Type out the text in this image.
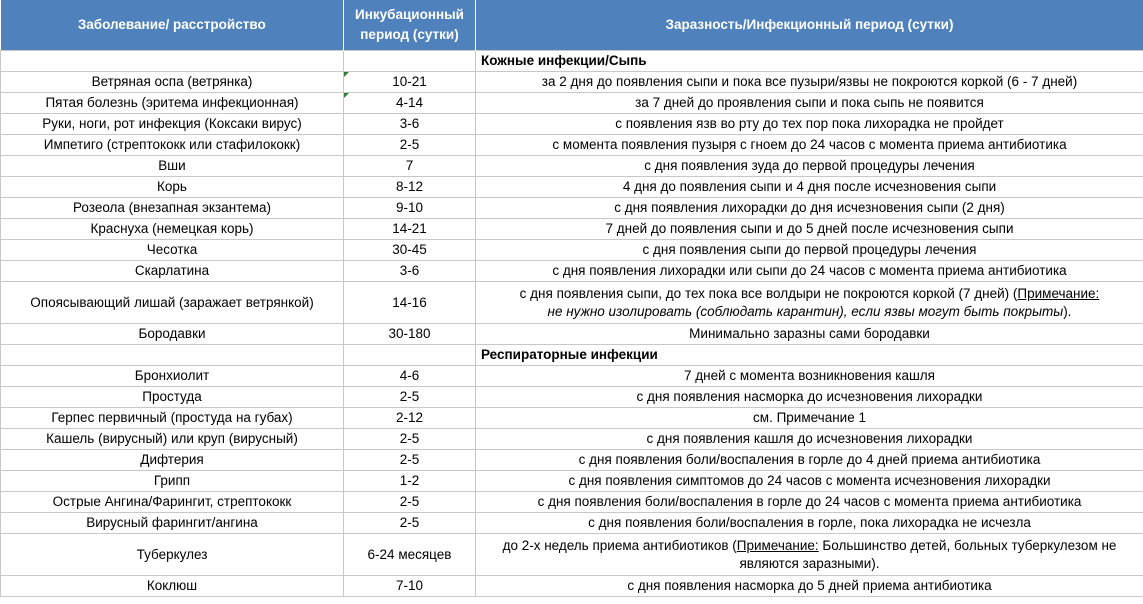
Заболевание/ расстройство	Инкубационный период (сутки)	Заразность/Инфекционный период (сутки)
		Кожные инфекции/Сыпь
Ветряная оспа (ветрянка)	10-21	за 2 дня до появления сыпи и пока все пузыри/язвы не покроются коркой (6 - 7 дней)
Пятая болезнь (эритема инфекционная)	4-14	за 7 дней до проявления сыпи и пока сыпь не появится
Руки, ноги, рот инфекция (Коксаки вирус)	3-6	с появления язв во рту до тех пор пока лихорадка не пройдет
Импетиго (стрептококк или стафилококк)	2-5	с момента появления пузыря с гноем до 24 часов с момента приема антибиотика
Вши	7	с дня появления зуда до первой процедуры лечения
Корь	8-12	4 дня до появления сыпи и 4 дня после исчезновения сыпи
Розеола (внезапная экзантема)	9-10	с дня появления лихорадки до дня исчезновения сыпи (2 дня)
Краснуха (немецкая корь)	14-21	7 дней до появления сыпи и до 5 дней после исчезновения сыпи
Чесотка	30-45	с дня появления сыпи до первой процедуры лечения
Скарлатина	3-6	с дня появления лихорадки или сыпи до 24 часов с момента приема антибиотика
Опоясывающий лишай (заражает ветрянкой)	14-16	с дня появления сыпи, до тех пока все волдыри не покроются коркой (7 дней) (Примечание:
не нужно изолировать (соблюдать карантин), если язвы могут быть покрыты).
Бородавки	30-180	Минимально заразны сами бородавки
		Респираторные инфекции
Бронхиолит	4-6	7 дней с момента возникновения кашля
Простуда	2-5	с дня появления насморка до исчезновения лихорадки
Герпес первичный (простуда на губах)	2-12	см. Примечание 1
Кашель (вирусный) или круп (вирусный)	2-5	с дня появления кашля до исчезновения лихорадки
Дифтерия	2-5	с дня появления боли/воспаления в горле до 4 дней приема антибиотика
Грипп	1-2	с дня появления симптомов до 24 часов с момента исчезновения лихорадки
Острые Ангина/Фарингит, стрептококк	2-5	с дня появления боли/воспаления в горле до 24 часов с момента приема антибиотика
Вирусный фарингит/ангина	2-5	с дня появления боли/воспаления в горле, пока лихорадка не исчезла
Туберкулез	6-24 месяцев	до 2-х недель приема антибиотиков (Примечание: Большинство детей, больных туберкулезом не являются заразными).
Коклюш	7-10	с дня появления насморка до 5 дней приема антибиотика
